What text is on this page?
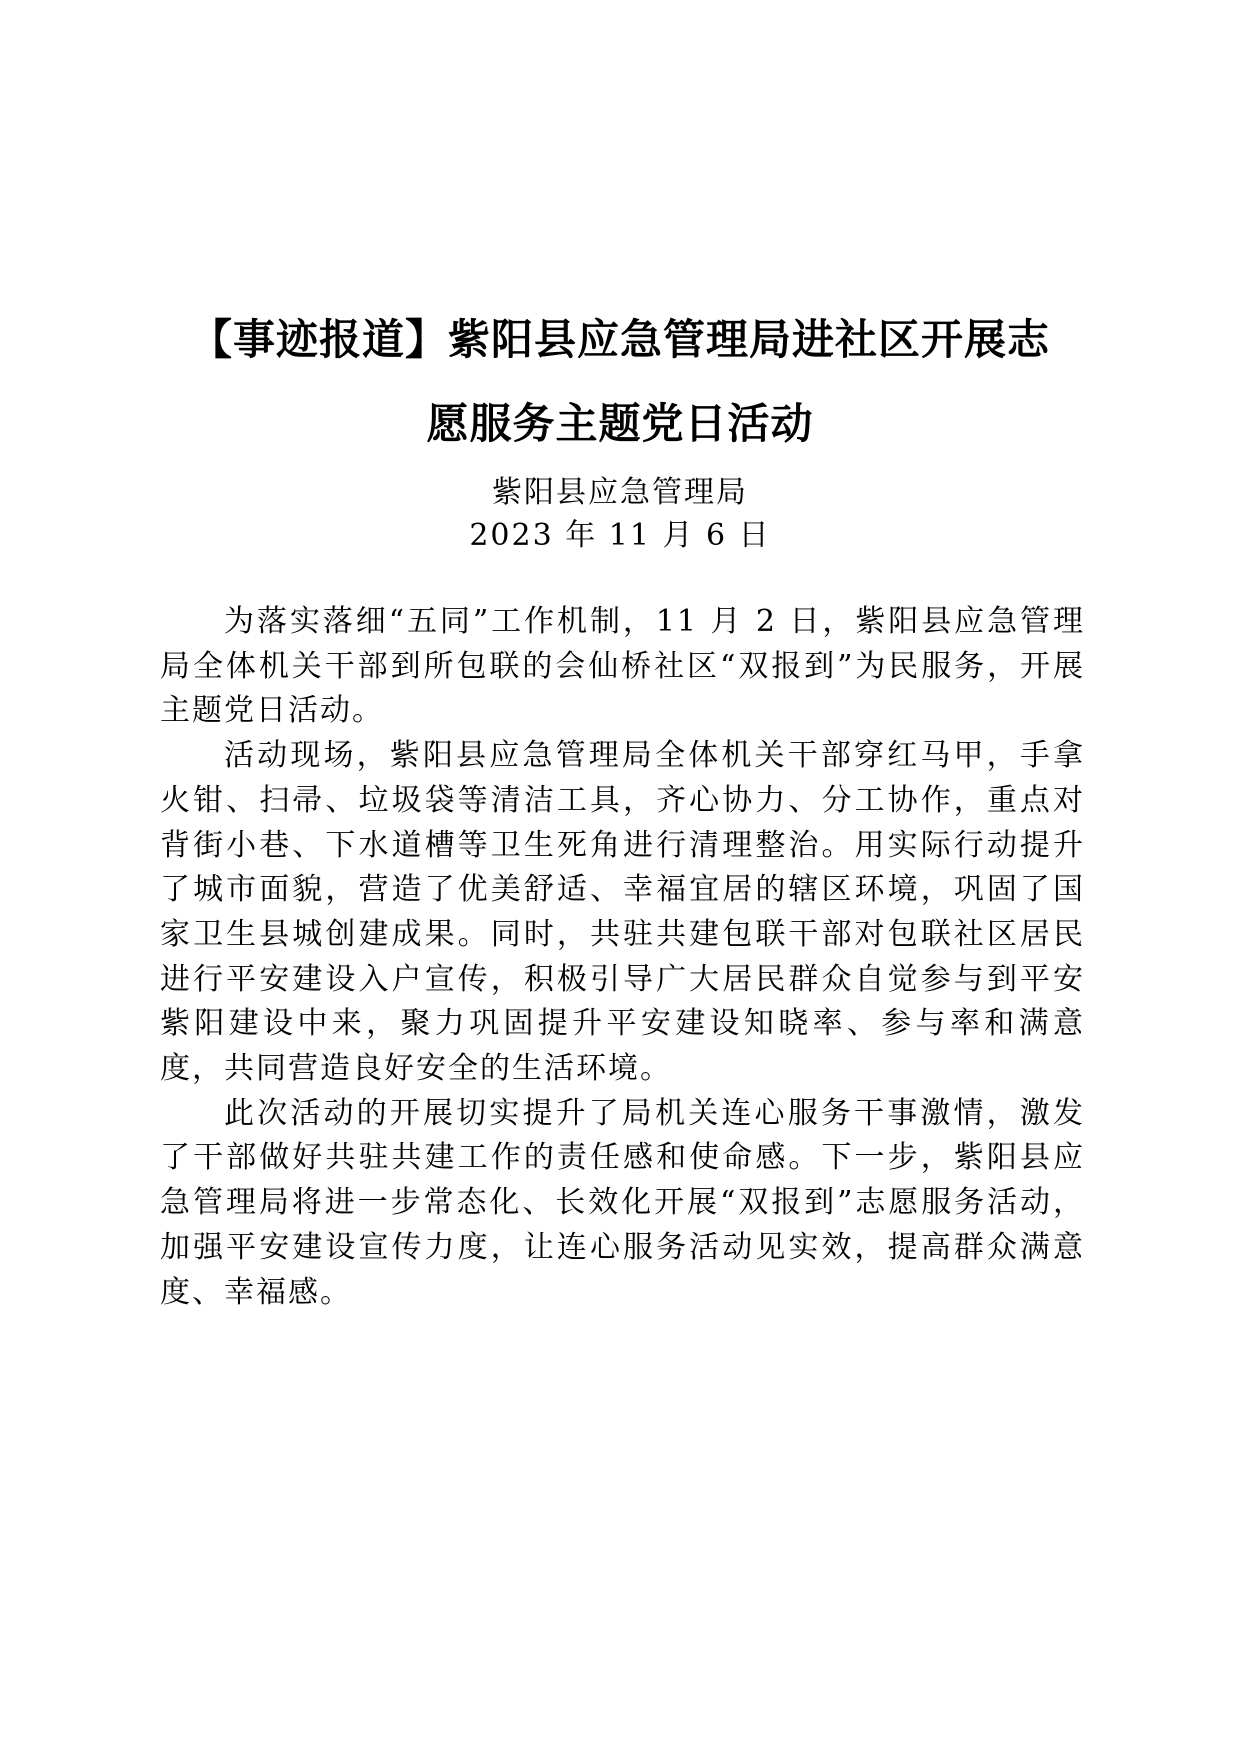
【事迹报道】紫阳县应急管理局进社区开展志
愿服务主题党日活动
紫阳县应急管理局
2023 年 11 月 6 日

为落实落细“五同”工作机制，11 月 2 日，紫阳县应急管理局全体机关干部到所包联的会仙桥社区“双报到”为民服务，开展主题党日活动。

活动现场，紫阳县应急管理局全体机关干部穿红马甲，手拿火钳、扫帚、垃圾袋等清洁工具，齐心协力、分工协作，重点对背街小巷、下水道槽等卫生死角进行清理整治。用实际行动提升了城市面貌，营造了优美舒适、幸福宜居的辖区环境，巩固了国家卫生县城创建成果。同时，共驻共建包联干部对包联社区居民进行平安建设入户宣传，积极引导广大居民群众自觉参与到平安紫阳建设中来，聚力巩固提升平安建设知晓率、参与率和满意度，共同营造良好安全的生活环境。

此次活动的开展切实提升了局机关连心服务干事激情，激发了干部做好共驻共建工作的责任感和使命感。下一步，紫阳县应急管理局将进一步常态化、长效化开展“双报到”志愿服务活动，加强平安建设宣传力度，让连心服务活动见实效，提高群众满意度、幸福感。
